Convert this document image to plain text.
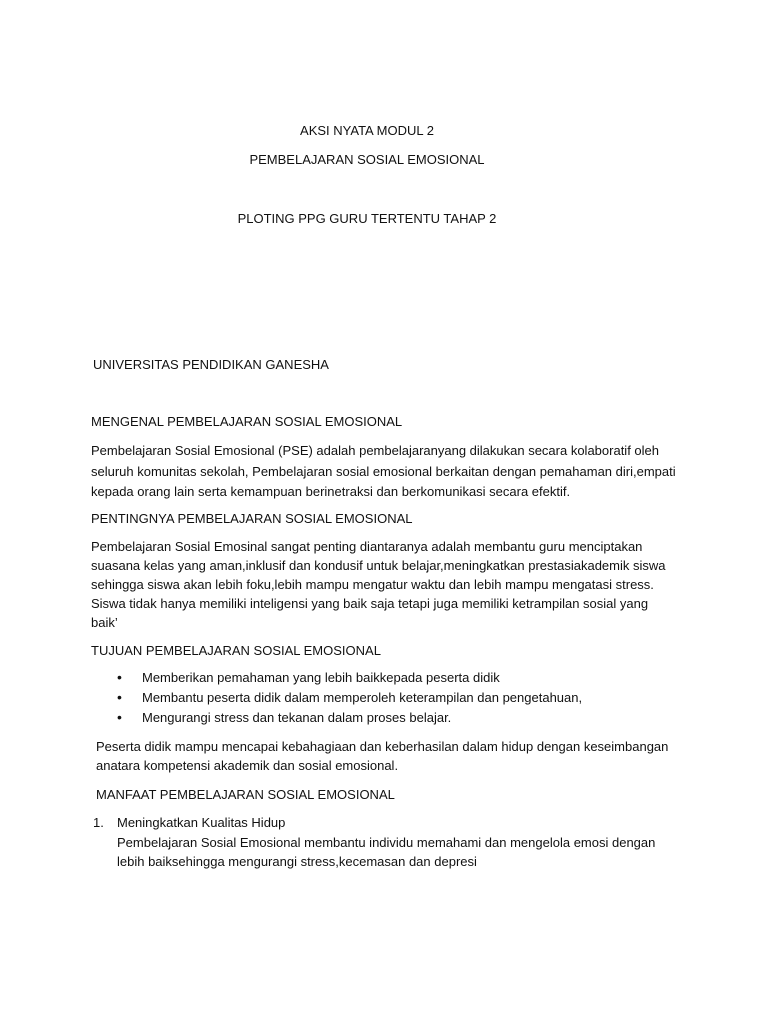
AKSI NYATA MODUL 2
PEMBELAJARAN SOSIAL EMOSIONAL
PLOTING PPG GURU TERTENTU TAHAP 2
UNIVERSITAS PENDIDIKAN GANESHA
MENGENAL PEMBELAJARAN SOSIAL EMOSIONAL
Pembelajaran Sosial Emosional (PSE) adalah pembelajaranyang dilakukan secara kolaboratif oleh
seluruh komunitas sekolah, Pembelajaran sosial emosional berkaitan dengan pemahaman diri,empati
kepada orang lain serta kemampuan berinetraksi dan berkomunikasi secara efektif.
PENTINGNYA PEMBELAJARAN SOSIAL EMOSIONAL
Pembelajaran Sosial Emosinal sangat penting diantaranya adalah membantu guru menciptakan
suasana kelas yang aman,inklusif dan kondusif untuk belajar,meningkatkan prestasiakademik siswa
sehingga siswa akan lebih foku,lebih mampu mengatur waktu dan lebih mampu mengatasi stress.
Siswa tidak hanya memiliki inteligensi yang baik saja tetapi juga memiliki ketrampilan sosial yang
baik’
TUJUAN PEMBELAJARAN SOSIAL EMOSIONAL
• Memberikan pemahaman yang lebih baikkepada peserta didik
• Membantu peserta didik dalam memperoleh keterampilan dan pengetahuan,
• Mengurangi stress dan tekanan dalam proses belajar.
Peserta didik mampu mencapai kebahagiaan dan keberhasilan dalam hidup dengan keseimbangan
anatara kompetensi akademik dan sosial emosional.
MANFAAT PEMBELAJARAN SOSIAL EMOSIONAL
1. Meningkatkan Kualitas Hidup
Pembelajaran Sosial Emosional membantu individu memahami dan mengelola emosi dengan
lebih baiksehingga mengurangi stress,kecemasan dan depresi
